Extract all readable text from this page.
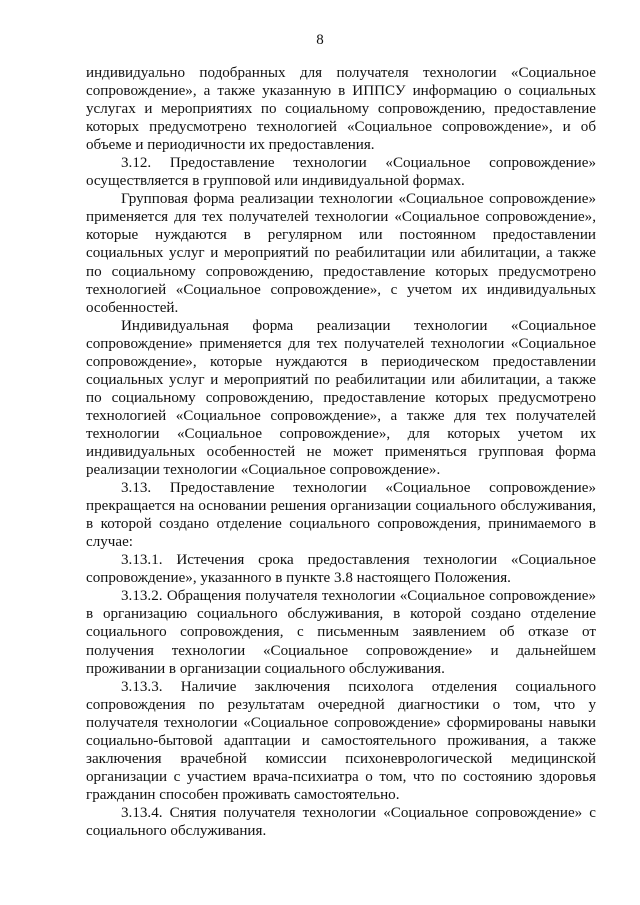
8

индивидуально подобранных для получателя технологии «Социальное сопровождение», а также указанную в ИППСУ информацию о социальных услугах и мероприятиях по социальному сопровождению, предоставление которых предусмотрено технологией «Социальное сопровождение», и об объеме и периодичности их предоставления.

3.12. Предоставление технологии «Социальное сопровождение» осуществляется в групповой или индивидуальной формах.

Групповая форма реализации технологии «Социальное сопровождение» применяется для тех получателей технологии «Социальное сопровождение», которые нуждаются в регулярном или постоянном предоставлении социальных услуг и мероприятий по реабилитации или абилитации, а также по социальному сопровождению, предоставление которых предусмотрено технологией «Социальное сопровождение», с учетом их индивидуальных особенностей.

Индивидуальная форма реализации технологии «Социальное сопровождение» применяется для тех получателей технологии «Социальное сопровождение», которые нуждаются в периодическом предоставлении социальных услуг и мероприятий по реабилитации или абилитации, а также по социальному сопровождению, предоставление которых предусмотрено технологией «Социальное сопровождение», а также для тех получателей технологии «Социальное сопровождение», для которых учетом их индивидуальных особенностей не может применяться групповая форма реализации технологии «Социальное сопровождение».

3.13. Предоставление технологии «Социальное сопровождение» прекращается на основании решения организации социального обслуживания, в которой создано отделение социального сопровождения, принимаемого в случае:

3.13.1. Истечения срока предоставления технологии «Социальное сопровождение», указанного в пункте 3.8 настоящего Положения.

3.13.2. Обращения получателя технологии «Социальное сопровождение» в организацию социального обслуживания, в которой создано отделение социального сопровождения, с письменным заявлением об отказе от получения технологии «Социальное сопровождение» и дальнейшем проживании в организации социального обслуживания.

3.13.3. Наличие заключения психолога отделения социального сопровождения по результатам очередной диагностики о том, что у получателя технологии «Социальное сопровождение» сформированы навыки социально-бытовой адаптации и самостоятельного проживания, а также заключения врачебной комиссии психоневрологической медицинской организации с участием врача-психиатра о том, что по состоянию здоровья гражданин способен проживать самостоятельно.

3.13.4. Снятия получателя технологии «Социальное сопровождение» с социального обслуживания.
